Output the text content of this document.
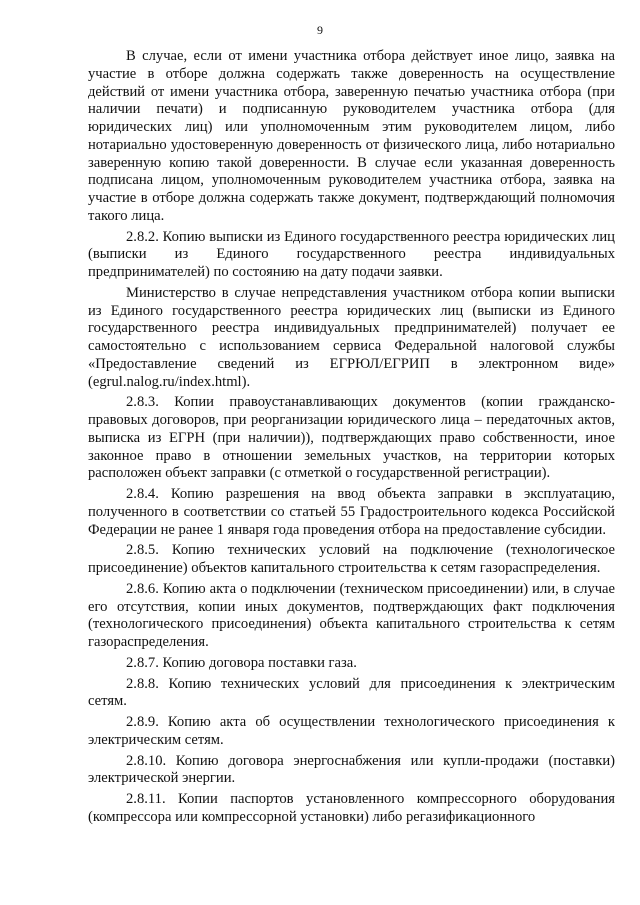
9

В случае, если от имени участника отбора действует иное лицо, заявка на участие в отборе должна содержать также доверенность на осуществление действий от имени участника отбора, заверенную печатью участника отбора (при наличии печати) и подписанную руководителем участника отбора (для юридических лиц) или уполномоченным этим руководителем лицом, либо нотариально удостоверенную доверенность от физического лица, либо нотариально заверенную копию такой доверенности. В случае если указанная доверенность подписана лицом, уполномоченным руководителем участника отбора, заявка на участие в отборе должна содержать также документ, подтверждающий полномочия такого лица.

2.8.2. Копию выписки из Единого государственного реестра юридических лиц (выписки из Единого государственного реестра индивидуальных предпринимателей) по состоянию на дату подачи заявки.

Министерство в случае непредставления участником отбора копии выписки из Единого государственного реестра юридических лиц (выписки из Единого государственного реестра индивидуальных предпринимателей) получает ее самостоятельно с использованием сервиса Федеральной налоговой службы «Предоставление сведений из ЕГРЮЛ/ЕГРИП в электронном виде» (egrul.nalog.ru/index.html).

2.8.3. Копии правоустанавливающих документов (копии гражданско-правовых договоров, при реорганизации юридического лица – передаточных актов, выписка из ЕГРН (при наличии)), подтверждающих право собственности, иное законное право в отношении земельных участков, на территории которых расположен объект заправки (с отметкой о государственной регистрации).

2.8.4. Копию разрешения на ввод объекта заправки в эксплуатацию, полученного в соответствии со статьей 55 Градостроительного кодекса Российской Федерации не ранее 1 января года проведения отбора на предоставление субсидии.

2.8.5. Копию технических условий на подключение (технологическое присоединение) объектов капитального строительства к сетям газораспределения.

2.8.6. Копию акта о подключении (техническом присоединении) или, в случае его отсутствия, копии иных документов, подтверждающих факт подключения (технологического присоединения) объекта капитального строительства к сетям газораспределения.

2.8.7. Копию договора поставки газа.

2.8.8. Копию технических условий для присоединения к электрическим сетям.

2.8.9. Копию акта об осуществлении технологического присоединения к электрическим сетям.

2.8.10. Копию договора энергоснабжения или купли-продажи (поставки) электрической энергии.

2.8.11. Копии паспортов установленного компрессорного оборудования (компрессора или компрессорной установки) либо регазификационного
